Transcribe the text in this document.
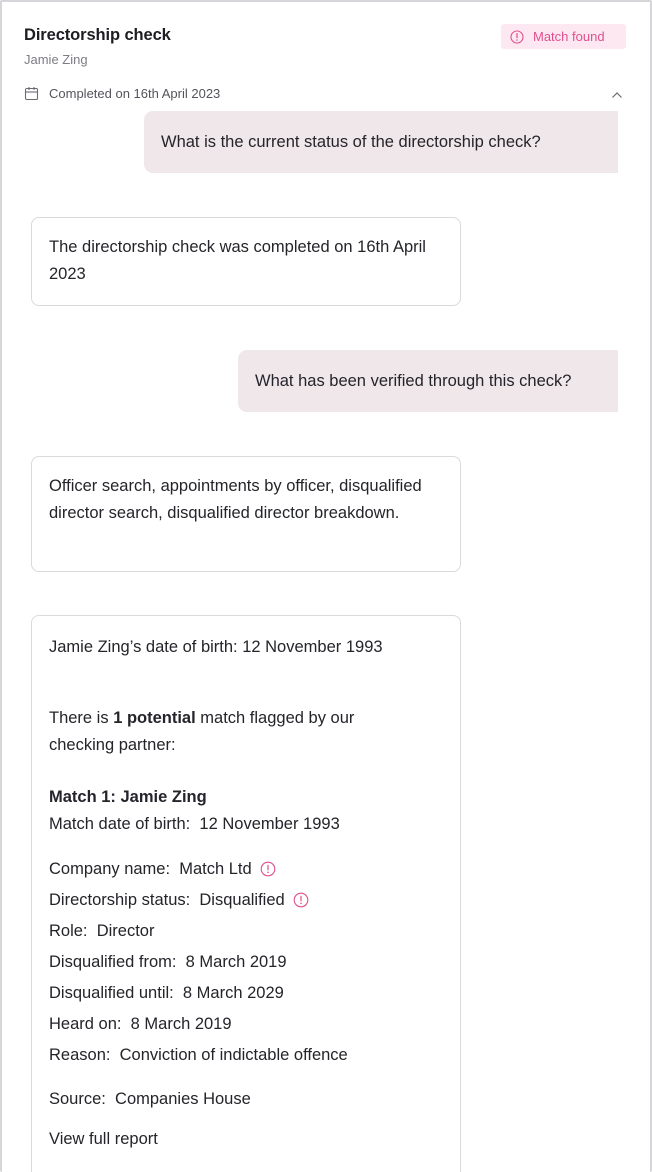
Directorship check
Jamie Zing
Match found
Completed on 16th April 2023
What is the current status of the directorship check?
The directorship check was completed on 16th April 2023
What has been verified through this check?
Officer search, appointments by officer, disqualified director search, disqualified director breakdown.
Jamie Zing’s date of birth: 12 November 1993
There is 1 potential match flagged by our checking partner:
Match 1: Jamie Zing
Match date of birth: 12 November 1993
Company name: Match Ltd
Directorship status: Disqualified
Role: Director
Disqualified from: 8 March 2019
Disqualified until: 8 March 2029
Heard on: 8 March 2019
Reason: Conviction of indictable offence
Source: Companies House
View full report
